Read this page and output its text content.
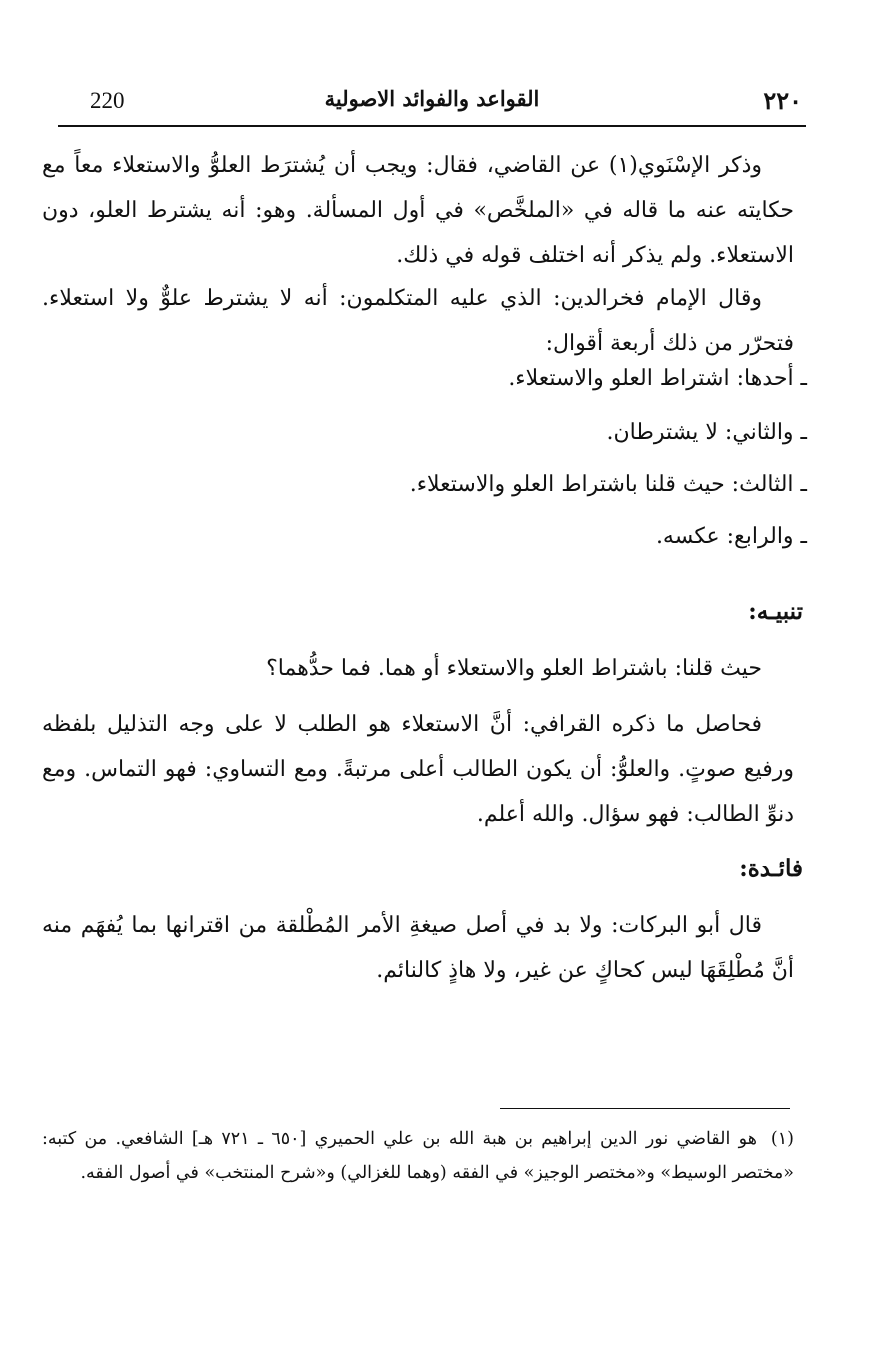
220	القواعد والفوائد الاصولية	٢٢٠

وذكر الإسْنَوي(١) عن القاضي، فقال: ويجب أن يُشترَط العلوُّ والاستعلاء معاً مع حكايته عنه ما قاله في «الملخَّص» في أول المسألة. وهو: أنه يشترط العلو، دون الاستعلاء. ولم يذكر أنه اختلف قوله في ذلك.

وقال الإمام فخرالدين: الذي عليه المتكلمون: أنه لا يشترط علوٌّ ولا استعلاء. فتحرّر من ذلك أربعة أقوال:

ـ أحدها: اشتراط العلو والاستعلاء.
ـ والثاني: لا يشترطان.
ـ الثالث: حيث قلنا باشتراط العلو والاستعلاء.
ـ والرابع: عكسه.
تنبيـه:

حيث قلنا: باشتراط العلو والاستعلاء أو هما. فما حدُّهما؟

فحاصل ما ذكره القرافي: أنَّ الاستعلاء هو الطلب لا على وجه التذليل بلفظه ورفيع صوتٍ. والعلوُّ: أن يكون الطالب أعلى مرتبةً. ومع التساوي: فهو التماس. ومع دنوِّ الطالب: فهو سؤال. والله أعلم.

فائـدة:

قال أبو البركات: ولا بد في أصل صيغةِ الأمر المُطْلقة من اقترانها بما يُفهَم منه أنَّ مُطْلِقَهَا ليس كحاكٍ عن غير، ولا هاذٍ كالنائم.

(١)هو القاضي نور الدين إبراهيم بن هبة الله بن علي الحميري [٦٥٠ ـ ٧٢١ هـ] الشافعي. من كتبه: «مختصر الوسيط» و«مختصر الوجيز» في الفقه (وهما للغزالي) و«شرح المنتخب» في أصول الفقه.
